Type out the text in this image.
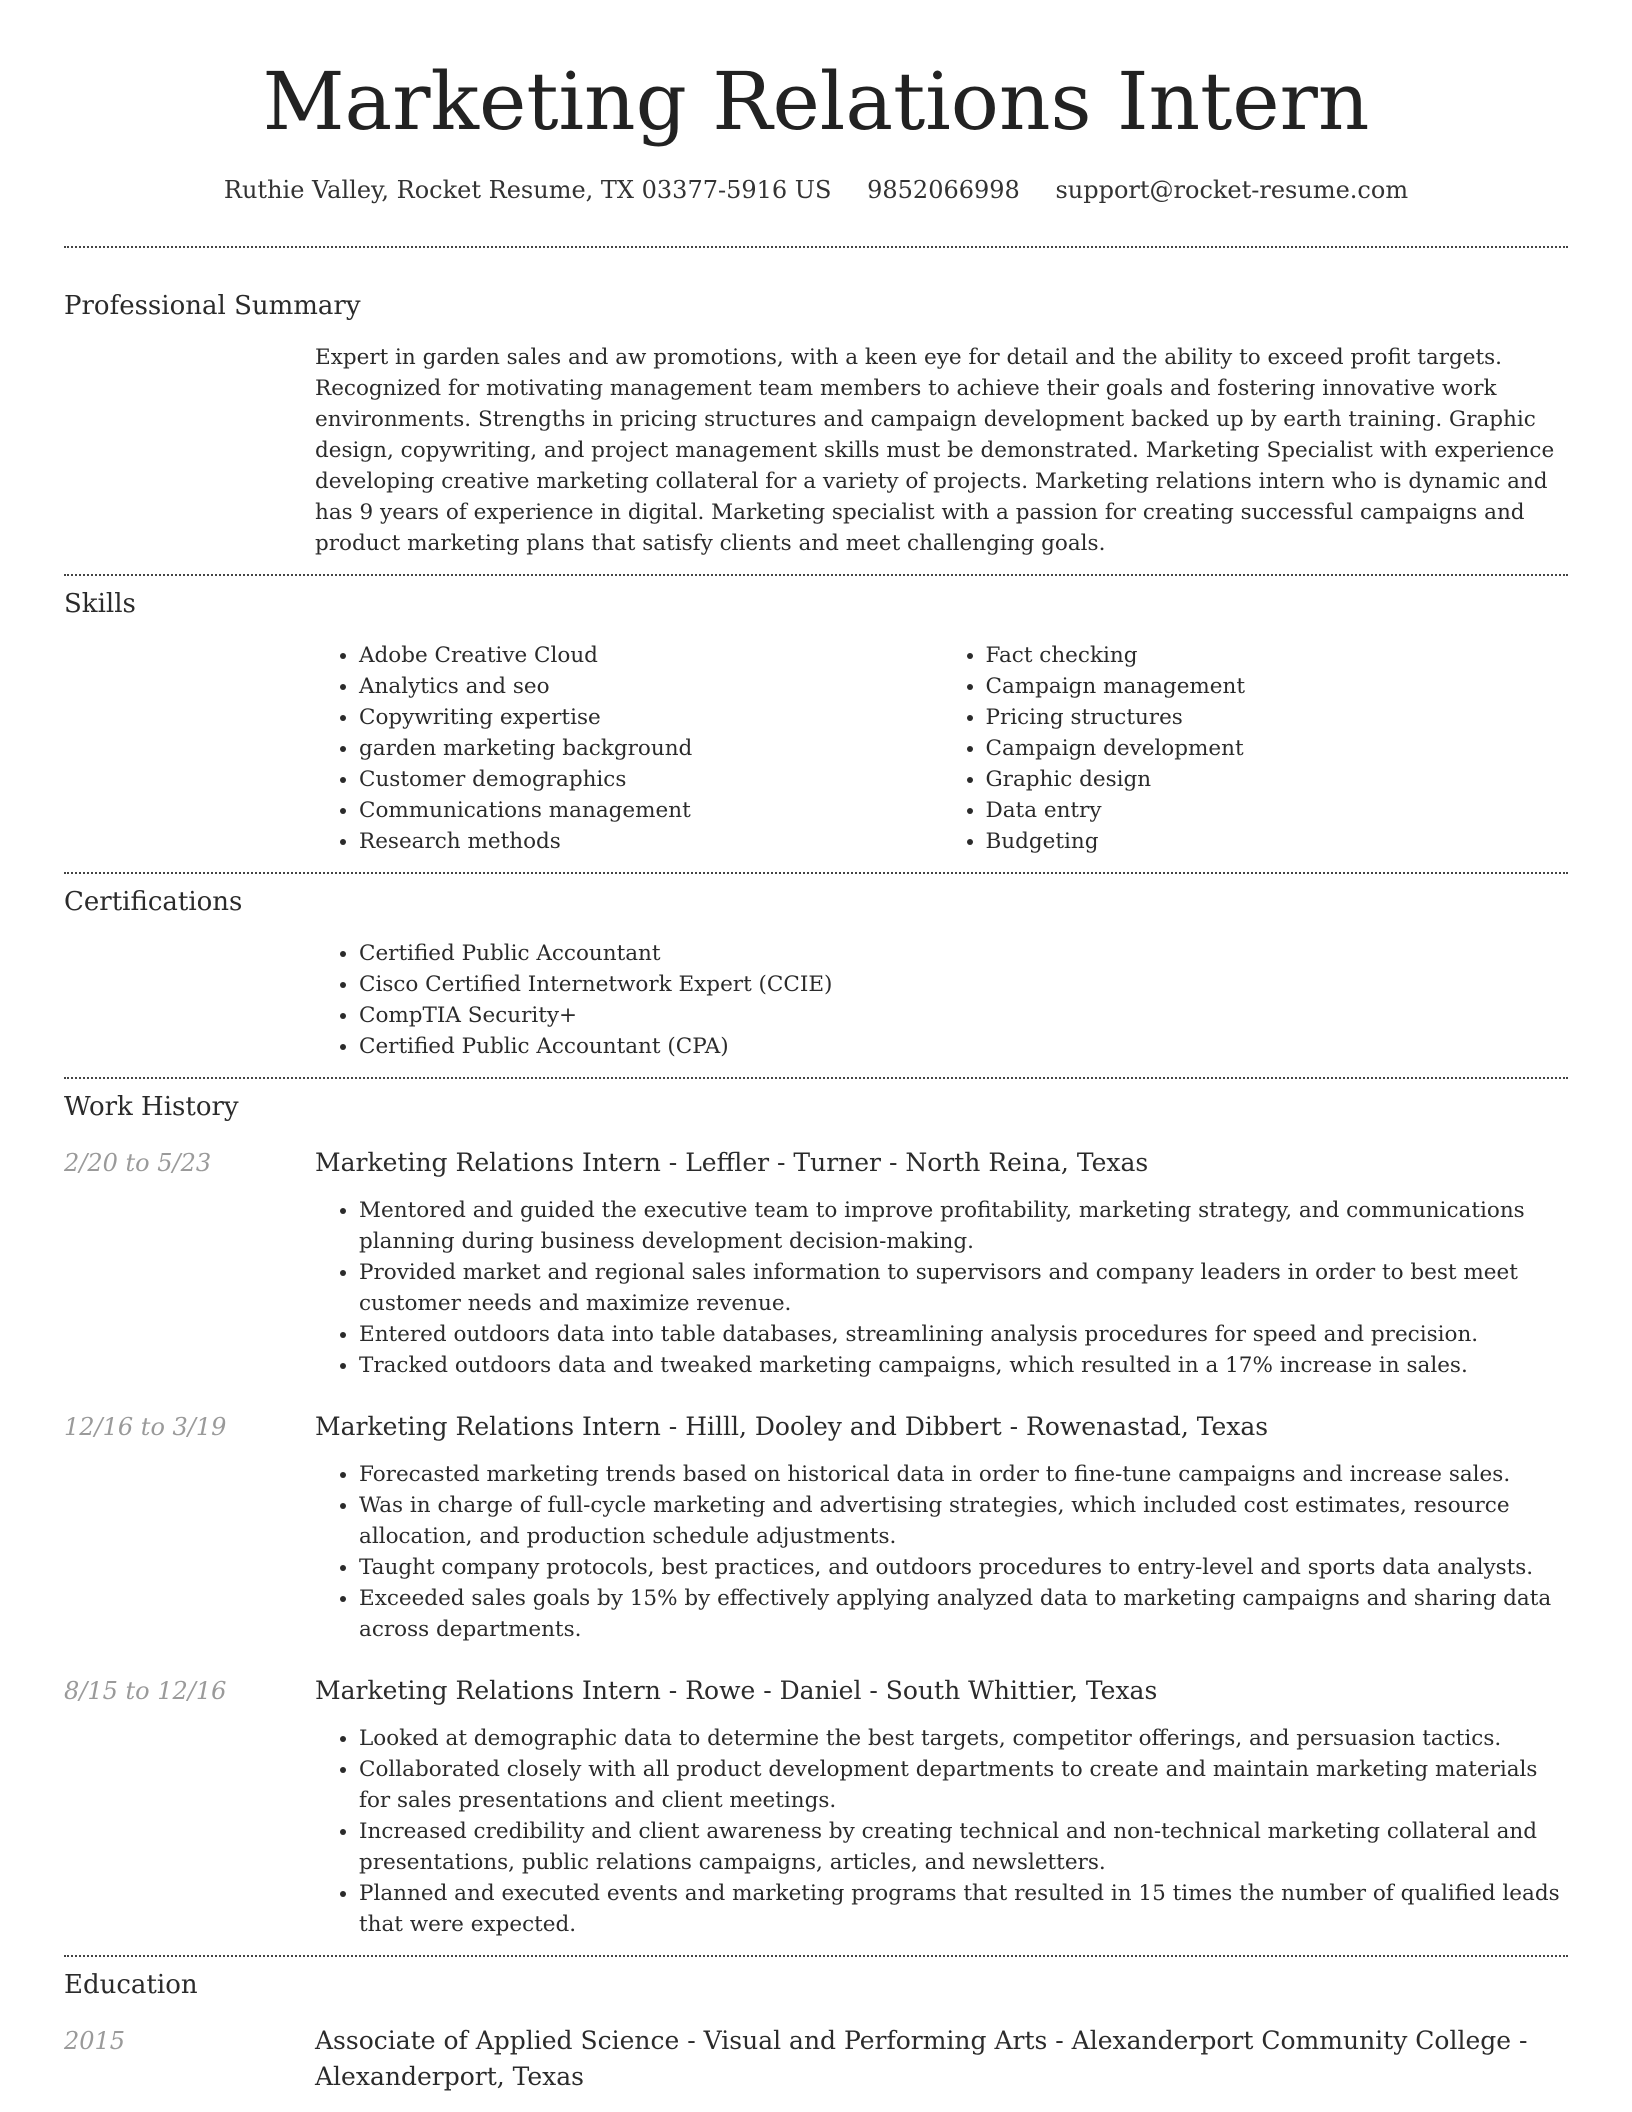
Marketing Relations Intern
Ruthie Valley, Rocket Resume, TX 03377-5916 US 9852066998 support@rocket-resume.com
Professional Summary
Expert in garden sales and aw promotions, with a keen eye for detail and the ability to exceed profit targets. Recognized for motivating management team members to achieve their goals and fostering innovative work environments. Strengths in pricing structures and campaign development backed up by earth training. Graphic design, copywriting, and project management skills must be demonstrated. Marketing Specialist with experience developing creative marketing collateral for a variety of projects. Marketing relations intern who is dynamic and has 9 years of experience in digital. Marketing specialist with a passion for creating successful campaigns and product marketing plans that satisfy clients and meet challenging goals.
Skills
• Adobe Creative Cloud
• Analytics and seo
• Copywriting expertise
• garden marketing background
• Customer demographics
• Communications management
• Research methods
• Fact checking
• Campaign management
• Pricing structures
• Campaign development
• Graphic design
• Data entry
• Budgeting
Certifications
• Certified Public Accountant
• Cisco Certified Internetwork Expert (CCIE)
• CompTIA Security+
• Certified Public Accountant (CPA)
Work History
2/20 to 5/23	Marketing Relations Intern - Leffler - Turner - North Reina, Texas
• Mentored and guided the executive team to improve profitability, marketing strategy, and communications planning during business development decision-making.
• Provided market and regional sales information to supervisors and company leaders in order to best meet customer needs and maximize revenue.
• Entered outdoors data into table databases, streamlining analysis procedures for speed and precision.
• Tracked outdoors data and tweaked marketing campaigns, which resulted in a 17% increase in sales.
12/16 to 3/19	Marketing Relations Intern - Hilll, Dooley and Dibbert - Rowenastad, Texas
• Forecasted marketing trends based on historical data in order to fine-tune campaigns and increase sales.
• Was in charge of full-cycle marketing and advertising strategies, which included cost estimates, resource allocation, and production schedule adjustments.
• Taught company protocols, best practices, and outdoors procedures to entry-level and sports data analysts.
• Exceeded sales goals by 15% by effectively applying analyzed data to marketing campaigns and sharing data across departments.
8/15 to 12/16	Marketing Relations Intern - Rowe - Daniel - South Whittier, Texas
• Looked at demographic data to determine the best targets, competitor offerings, and persuasion tactics.
• Collaborated closely with all product development departments to create and maintain marketing materials for sales presentations and client meetings.
• Increased credibility and client awareness by creating technical and non-technical marketing collateral and presentations, public relations campaigns, articles, and newsletters.
• Planned and executed events and marketing programs that resulted in 15 times the number of qualified leads that were expected.
Education
2015	Associate of Applied Science - Visual and Performing Arts - Alexanderport Community College - Alexanderport, Texas
